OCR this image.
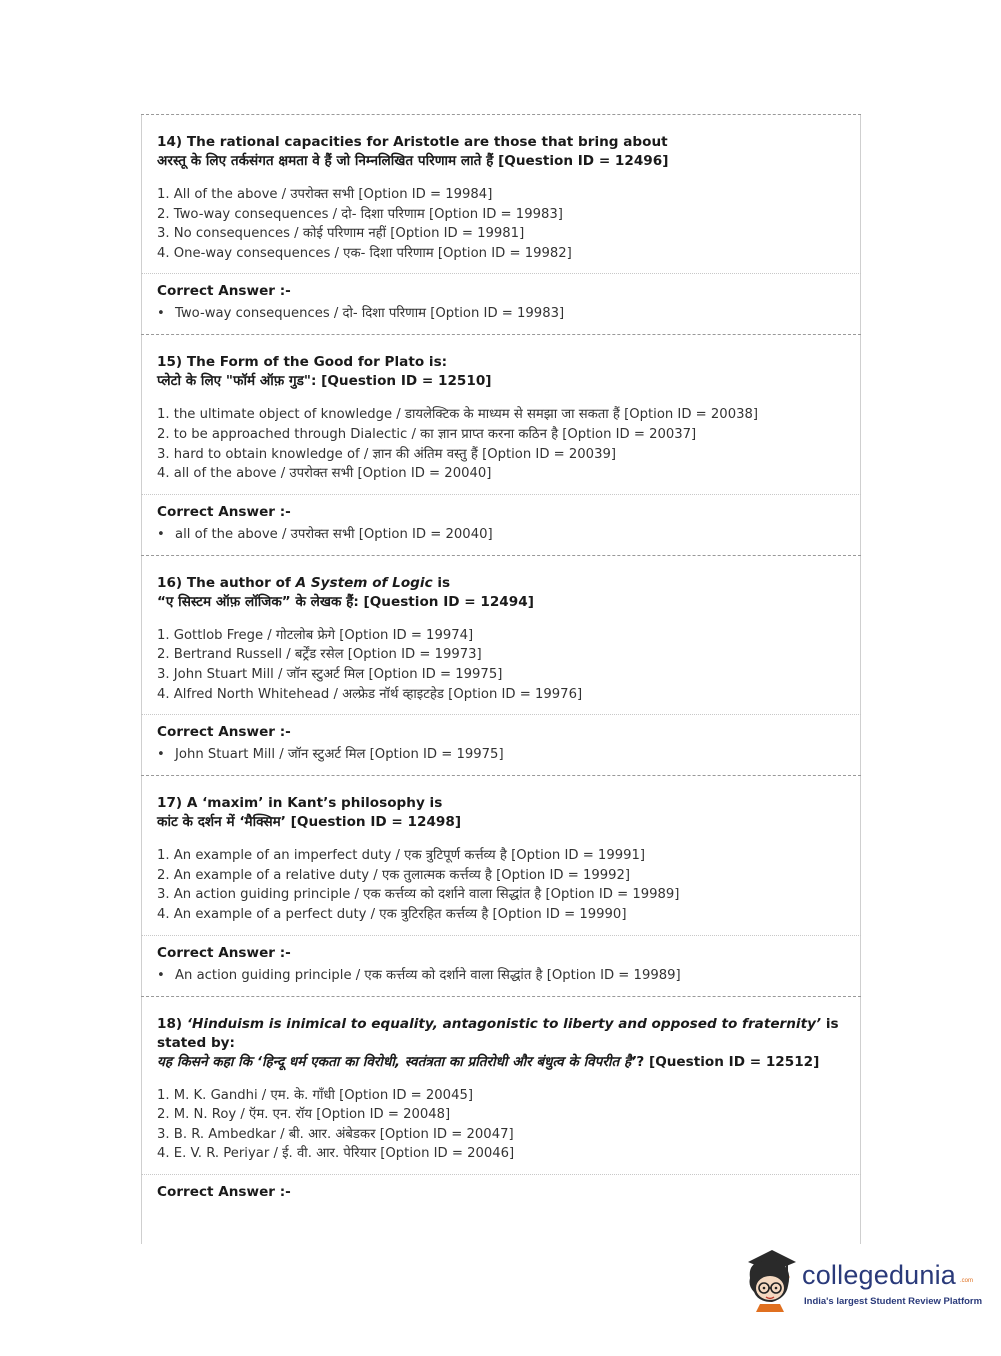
14) The rational capacities for Aristotle are those that bring about
अरस्तू के लिए तर्कसंगत क्षमता वे हैं जो निम्नलिखित परिणाम लाते हैं [Question ID = 12496]
1. All of the above / उपरोक्त सभी [Option ID = 19984]
2. Two-way consequences / दो- दिशा परिणाम [Option ID = 19983]
3. No consequences / कोई परिणाम नहीं [Option ID = 19981]
4. One-way consequences / एक- दिशा परिणाम [Option ID = 19982]
Correct Answer :-
• Two-way consequences / दो- दिशा परिणाम [Option ID = 19983]
15) The Form of the Good for Plato is:
प्लेटो के लिए "फॉर्म ऑफ़ गुड": [Question ID = 12510]
1. the ultimate object of knowledge / डायलेक्टिक के माध्यम से समझा जा सकता हैं [Option ID = 20038]
2. to be approached through Dialectic / का ज्ञान प्राप्त करना कठिन है [Option ID = 20037]
3. hard to obtain knowledge of / ज्ञान की अंतिम वस्तु हैं [Option ID = 20039]
4. all of the above / उपरोक्त सभी [Option ID = 20040]
Correct Answer :-
• all of the above / उपरोक्त सभी [Option ID = 20040]
16) The author of A System of Logic is
“ए सिस्टम ऑफ़ लॉजिक” के लेखक हैं: [Question ID = 12494]
1. Gottlob Frege / गोटलोब फ्रेगे [Option ID = 19974]
2. Bertrand Russell / बर्ट्रेंड रसेल [Option ID = 19973]
3. John Stuart Mill / जॉन स्टुअर्ट मिल [Option ID = 19975]
4. Alfred North Whitehead / अल्फ्रेड नॉर्थ व्हाइटहेड [Option ID = 19976]
Correct Answer :-
• John Stuart Mill / जॉन स्टुअर्ट मिल [Option ID = 19975]
17) A ‘maxim’ in Kant’s philosophy is
कांट के दर्शन में ‘मैक्सिम’ [Question ID = 12498]
1. An example of an imperfect duty / एक त्रुटिपूर्ण कर्त्तव्य है [Option ID = 19991]
2. An example of a relative duty / एक तुलात्मक कर्त्तव्य है [Option ID = 19992]
3. An action guiding principle / एक कर्त्तव्य को दर्शाने वाला सिद्धांत है [Option ID = 19989]
4. An example of a perfect duty / एक त्रुटिरहित कर्त्तव्य है [Option ID = 19990]
Correct Answer :-
• An action guiding principle / एक कर्त्तव्य को दर्शाने वाला सिद्धांत है [Option ID = 19989]
18) ‘Hinduism is inimical to equality, antagonistic to liberty and opposed to fraternity’ is stated by:
यह किसने कहा कि ‘हिन्दू धर्म एकता का विरोधी, स्वतंत्रता का प्रतिरोधी और बंधुत्व के विपरीत है’? [Question ID = 12512]
1. M. K. Gandhi / एम. के. गाँधी [Option ID = 20045]
2. M. N. Roy / ऍम. एन. रॉय [Option ID = 20048]
3. B. R. Ambedkar / बी. आर. अंबेडकर [Option ID = 20047]
4. E. V. R. Periyar / ई. वी. आर. पेरियार [Option ID = 20046]
Correct Answer :-
collegedunia .com
India's largest Student Review Platform
